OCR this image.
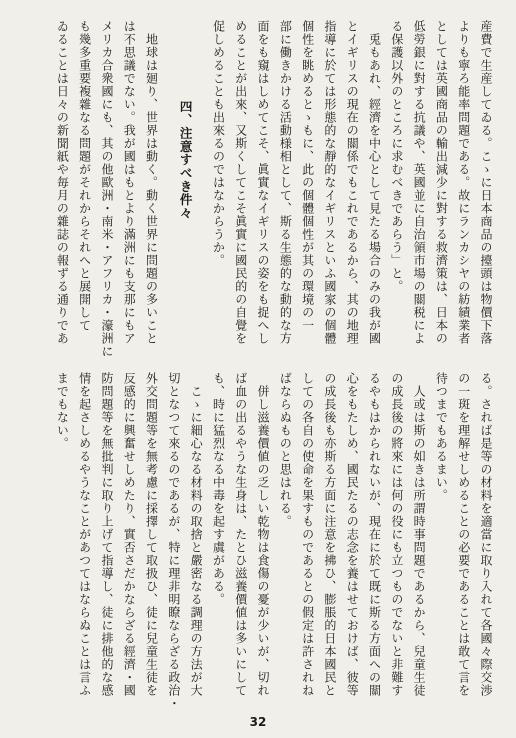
産費で生産してゐる。こゝに日本商品の擡頭は物價下落
よりも寧ろ能率問題である。故にランカシヤの紡績業者
としては英國商品の輸出減少に對する救濟策は、日本の
低勞銀に對する抗議や、英國並に自治領市場の關税によ
る保護以外のところに求むべきであらう」と。
兎もあれ、經濟を中心として見たる場合のみの我が國
とイギリスの現在の關係でもこれであるから、其の地理
指導に於ては形態的な靜的なイギリスといふ國家の個體
個性を眺めるとゝもに、此の個體個性が其の環境の一
部に働きかける活動様相として、斯る生態的な動的な方
面をも窺はしめてこそ、眞實なイギリスの姿をも捉へし
めることが出來、又斯くしてこそ眞實に國民的の自覺を
促しめることも出來るのではなからうか。
四、注意すべき件々
地球は廻り、世界は動く。動く世界に問題の多いこと
は不思議でない。我が國はもとより滿洲にも支那にもア
メリカ合衆國にも、其の他歐洲・南米・アフリカ・濠洲に
も幾多重要複雜なる問題がそれからそれへと展開して
ゐることは日々の新聞紙や毎月の雜誌の報ずる通りであ
る。されば是等の材料を適當に取り入れて各國々際交渉
の一斑を理解せしめることの必要であることは敢て言を
待つまでもあるまい。
人或は斯の如きは所謂時事問題であるから、兒童生徒
の成長後の將來には何の役にも立つものでないと非難す
るやもはかられないが、現在に於て既に斯る方面への關
心をもたしめ、國民たるの志念を養はせておけば、彼等
の成長後も亦斯る方面に注意を拂ひ、膨脹的日本國民と
しての各自の使命を果すものであるとの假定は許されね
ばならぬものと思はれる。
併し滋養價値の乏しい乾物は食傷の憂が少いが、切れ
ば血の出るやうな生身は、たとひ滋養價値は多いにして
も、時に猛烈なる中毒を起す虞がある。
こゝに細心なる材料の取捨と嚴密なる調理の方法が大
切となつて來るのであるが、特に理非明瞭ならざる政治・
外交問題等を無考慮に採擇して取扱ひ、徒に兒童生徒を
反感的に興奮せしめたり、實否さだかならざる經濟・國
防問題等を無批判に取り上げて指導し、徒に排他的な感
情を起さしめるやうなことがあつてはならぬことは言ふ
までもない。
32
